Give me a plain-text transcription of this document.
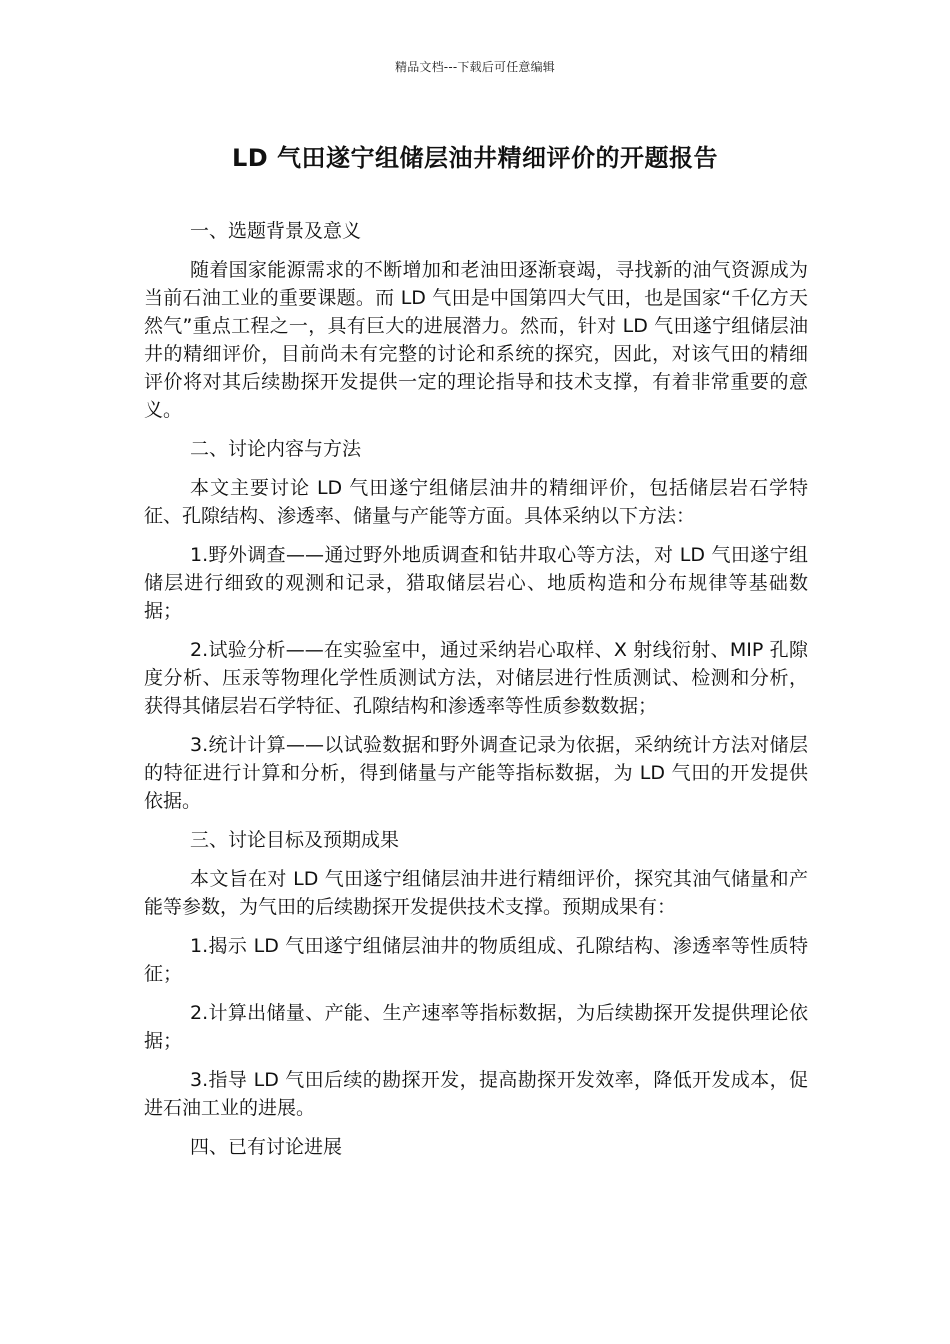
精品文档---下载后可任意编辑
LD 气田遂宁组储层油井精细评价的开题报告

一、选题背景及意义

随着国家能源需求的不断增加和老油田逐渐衰竭，寻找新的油气资源成为当前石油工业的重要课题。而 LD 气田是中国第四大气田，也是国家“千亿方天然气”重点工程之一，具有巨大的进展潜力。然而，针对 LD 气田遂宁组储层油井的精细评价，目前尚未有完整的讨论和系统的探究，因此，对该气田的精细评价将对其后续勘探开发提供一定的理论指导和技术支撑，有着非常重要的意义。

二、讨论内容与方法

本文主要讨论 LD 气田遂宁组储层油井的精细评价，包括储层岩石学特征、孔隙结构、渗透率、储量与产能等方面。具体采纳以下方法：

1.野外调查——通过野外地质调查和钻井取心等方法，对 LD 气田遂宁组储层进行细致的观测和记录，猎取储层岩心、地质构造和分布规律等基础数据；

2.试验分析——在实验室中，通过采纳岩心取样、X 射线衍射、MIP 孔隙度分析、压汞等物理化学性质测试方法，对储层进行性质测试、检测和分析，获得其储层岩石学特征、孔隙结构和渗透率等性质参数数据；

3.统计计算——以试验数据和野外调查记录为依据，采纳统计方法对储层的特征进行计算和分析，得到储量与产能等指标数据，为 LD 气田的开发提供依据。

三、讨论目标及预期成果

本文旨在对 LD 气田遂宁组储层油井进行精细评价，探究其油气储量和产能等参数，为气田的后续勘探开发提供技术支撑。预期成果有：

1.揭示 LD 气田遂宁组储层油井的物质组成、孔隙结构、渗透率等性质特征；

2.计算出储量、产能、生产速率等指标数据，为后续勘探开发提供理论依据；

3.指导 LD 气田后续的勘探开发，提高勘探开发效率，降低开发成本，促进石油工业的进展。

四、已有讨论进展
